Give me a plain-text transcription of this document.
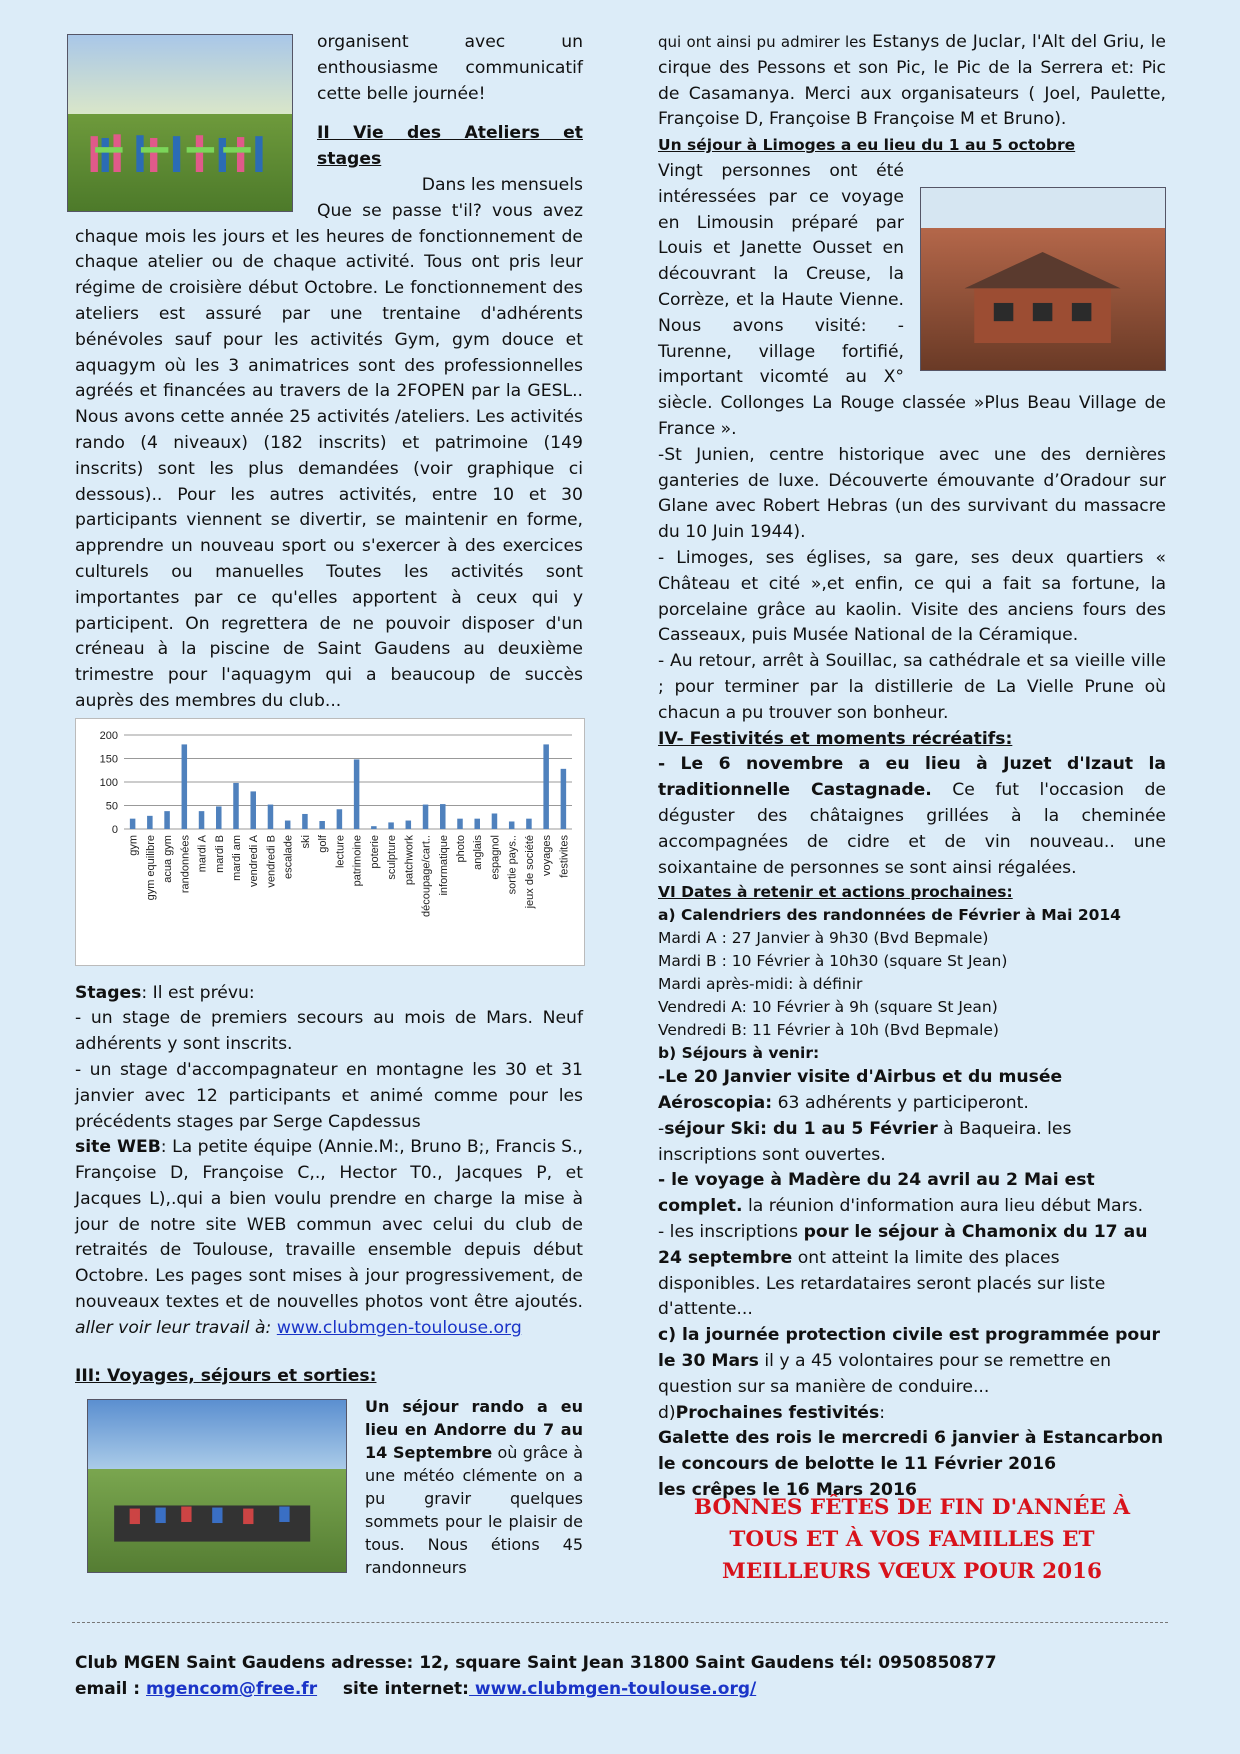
organisent avec un enthousiasme communicatif cette belle journée!

II Vie des Ateliers et stages

Dans les mensuels

Que se passe t'il? vous avez chaque mois les jours et les heures de fonctionnement de chaque atelier ou de chaque activité. Tous ont pris leur régime de croisière début Octobre. Le fonctionnement des ateliers est assuré par une trentaine d'adhérents bénévoles sauf pour les activités Gym, gym douce et aquagym où les 3 animatrices sont des professionnelles agréés et financées au travers de la 2FOPEN par la GESL.. Nous avons cette année 25 activités /ateliers. Les activités rando (4 niveaux) (182 inscrits) et patrimoine (149 inscrits) sont les plus demandées (voir graphique ci dessous).. Pour les autres activités, entre 10 et 30 participants viennent se divertir, se maintenir en forme, apprendre un nouveau sport ou s'exercer à des exercices culturels ou manuelles Toutes les activités sont importantes par ce qu'elles apportent à ceux qui y participent. On regrettera de ne pouvoir disposer d'un créneau à la piscine de Saint Gaudens au deuxième trimestre pour l'aquagym qui a beaucoup de succès auprès des membres du club...

0
50
100
150
200
gym gym equilibre acua gym randonnées mardi A mardi B mardi am vendredi A vendredi B escalade ski golf lecture patrimoine poterie sculpture patchwork découpage/cart.. informatique photo anglais espagnol sortie pays.. jeux de société voyages festivites

Stages: Il est prévu:

- un stage de premiers secours au mois de Mars. Neuf adhérents y sont inscrits.

- un stage d'accompagnateur en montagne les 30 et 31 janvier avec 12 participants et animé comme pour les précédents stages par Serge Capdessus

site WEB: La petite équipe (Annie.M:, Bruno B;, Francis S., Françoise D, Françoise C,., Hector T0., Jacques P, et Jacques L),.qui a bien voulu prendre en charge la mise à jour de notre site WEB commun avec celui du club de retraités de Toulouse, travaille ensemble depuis début Octobre. Les pages sont mises à jour progressivement, de nouveaux textes et de nouvelles photos vont être ajoutés. aller voir leur travail à: www.clubmgen-toulouse.org

III: Voyages, séjours et sorties:

Un séjour rando a eu lieu en Andorre du 7 au 14 Septembre où grâce à une météo clémente on a pu gravir quelques sommets pour le plaisir de tous. Nous étions 45 randonneurs

qui ont ainsi pu admirer les Estanys de Juclar, l'Alt del Griu, le cirque des Pessons et son Pic, le Pic de la Serrera et: Pic de Casamanya. Merci aux organisateurs ( Joel, Paulette, Françoise D, Françoise B Françoise M et Bruno).

Un séjour à Limoges a eu lieu du 1 au 5 octobre

Vingt personnes ont été intéressées par ce voyage en Limousin préparé par Louis et Janette Ousset en découvrant la Creuse, la Corrèze, et la Haute Vienne. Nous avons visité: - Turenne, village fortifié, important vicomté au X° siècle. Collonges La Rouge classée »Plus Beau Village de France ».

-St Junien, centre historique avec une des dernières ganteries de luxe. Découverte émouvante d’Oradour sur Glane avec Robert Hebras (un des survivant du massacre du 10 Juin 1944).

- Limoges, ses églises, sa gare, ses deux quartiers « Château et cité »,et enfin, ce qui a fait sa fortune, la porcelaine grâce au kaolin. Visite des anciens fours des Casseaux, puis Musée National de la Céramique.

- Au retour, arrêt à Souillac, sa cathédrale et sa vieille ville ; pour terminer par la distillerie de La Vielle Prune où chacun a pu trouver son bonheur.

IV- Festivités et moments récréatifs:

- Le 6 novembre a eu lieu à Juzet d'Izaut la traditionnelle Castagnade. Ce fut l'occasion de déguster des châtaignes grillées à la cheminée accompagnées de cidre et de vin nouveau.. une soixantaine de personnes se sont ainsi régalées.

VI Dates à retenir et actions prochaines:

a) Calendriers des randonnées de Février à Mai 2014

Mardi A : 27 Janvier à 9h30 (Bvd Bepmale)
Mardi B : 10 Février à 10h30 (square St Jean)
Mardi après-midi: à définir
Vendredi A: 10 Février à 9h (square St Jean)
Vendredi B: 11 Février à 10h (Bvd Bepmale)

b) Séjours à venir:

-Le 20 Janvier visite d'Airbus et du musée Aéroscopia: 63 adhérents y participeront.

-séjour Ski: du 1 au 5 Février à Baqueira. les inscriptions sont ouvertes.

- le voyage à Madère du 24 avril au 2 Mai est complet. la réunion d'information aura lieu début Mars.

- les inscriptions pour le séjour à Chamonix du 17 au 24 septembre ont atteint la limite des places disponibles. Les retardataires seront placés sur liste d'attente...

c) la journée protection civile est programmée pour le 30 Mars il y a 45 volontaires pour se remettre en question sur sa manière de conduire...

d)Prochaines festivités:

Galette des rois le mercredi 6 janvier à Estancarbon
le concours de belotte le 11 Février 2016
les crêpes le 16 Mars 2016
BONNES FÊTES DE FIN D'ANNÉE À TOUS ET À VOS FAMILLES ET MEILLEURS VŒUX POUR 2016
Club MGEN Saint Gaudens adresse: 12, square Saint Jean 31800 Saint Gaudens tél: 0950850877
email : mgencom@free.fr site internet: www.clubmgen-toulouse.org/
